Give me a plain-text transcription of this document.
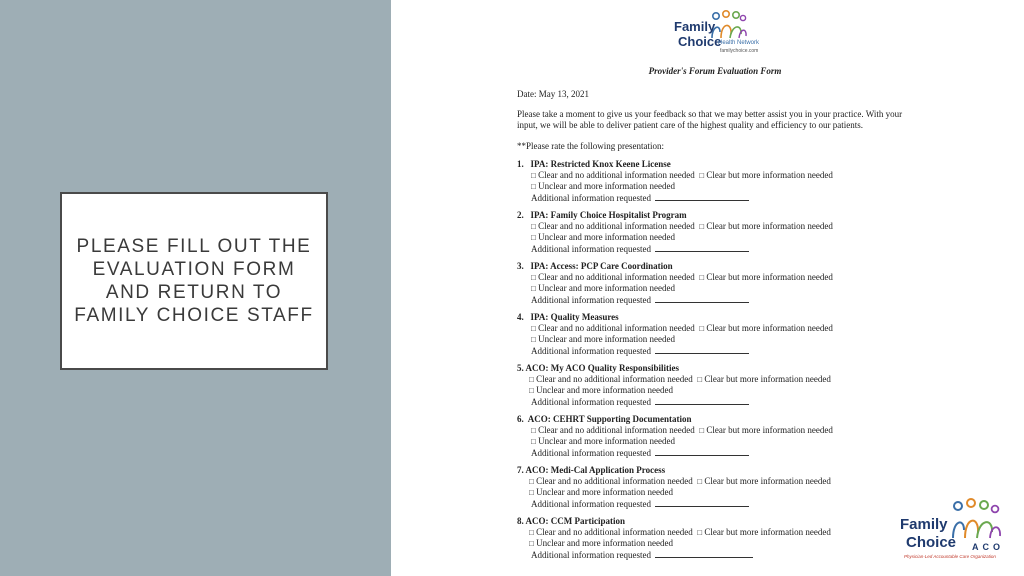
PLEASE FILL OUT THE EVALUATION FORM AND RETURN TO FAMILY CHOICE STAFF
Family
Choice
Health Network
familychoice.com
Provider's Forum Evaluation Form
Date: May 13, 2021
Please take a moment to give us your feedback so that we may better assist you in your practice. With your input, we will be able to deliver patient care of the highest quality and efficiency to our patients.
**Please rate the following presentation:
1.   IPA: Restricted Knox Keene License
□ Clear and no additional information needed □ Clear but more information needed
□ Unclear and more information needed
Additional information requested
2.   IPA: Family Choice Hospitalist Program
□ Clear and no additional information needed □ Clear but more information needed
□ Unclear and more information needed
Additional information requested
3.   IPA: Access: PCP Care Coordination
□ Clear and no additional information needed □ Clear but more information needed
□ Unclear and more information needed
Additional information requested
4.   IPA: Quality Measures
□ Clear and no additional information needed □ Clear but more information needed
□ Unclear and more information needed
Additional information requested
5. ACO: My ACO Quality Responsibilities
□ Clear and no additional information needed □ Clear but more information needed
□ Unclear and more information needed
Additional information requested
6.  ACO: CEHRT Supporting Documentation
□ Clear and no additional information needed □ Clear but more information needed
□ Unclear and more information needed
Additional information requested
7. ACO: Medi-Cal Application Process
□ Clear and no additional information needed □ Clear but more information needed
□ Unclear and more information needed
Additional information requested
8. ACO: CCM Participation
□ Clear and no additional information needed □ Clear but more information needed
□ Unclear and more information needed
Additional information requested
Family
Choice ACO
Physician-Led Accountable Care Organization
